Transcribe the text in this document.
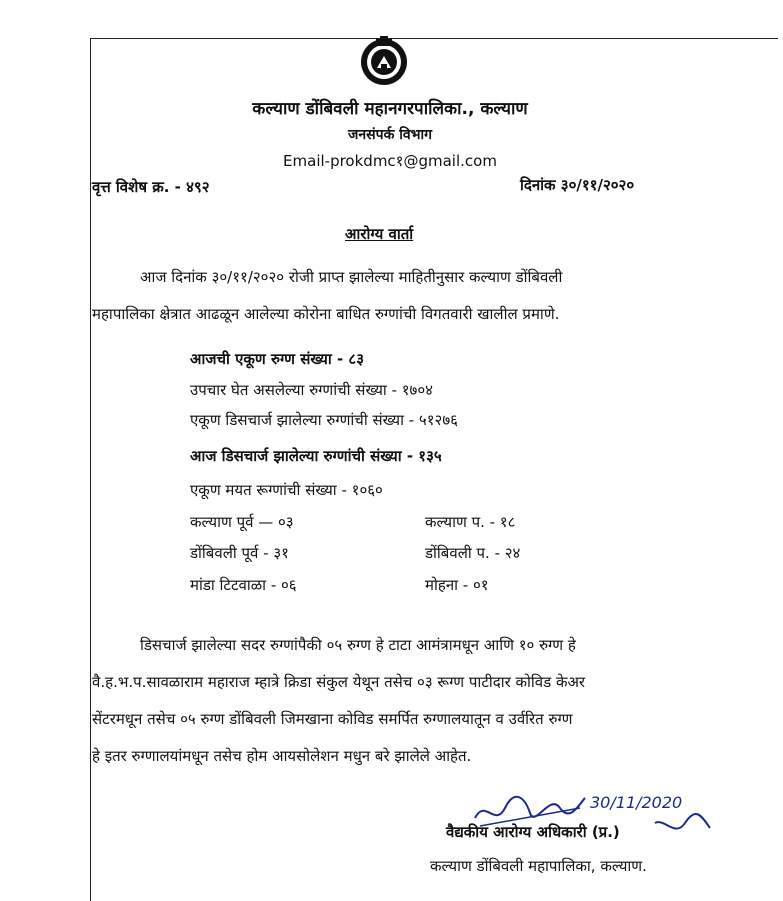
कल्याण डोंबिवली महानगरपालिका., कल्याण
जनसंपर्क विभाग
Email-prokdmc१@gmail.com
वृत्त विशेष क्र. - ४९२	दिनांक ३०/११/२०२०
आरोग्य वार्ता
आज दिनांक ३०/११/२०२० रोजी प्राप्त झालेल्या माहितीनुसार कल्याण डोंबिवली
महापालिका क्षेत्रात आढळून आलेल्या कोरोना बाधित रुग्णांची विगतवारी खालील प्रमाणे.
आजची एकूण रुग्ण संख्या - ८३
उपचार घेत असलेल्या रुग्णांची संख्या - १७०४
एकूण डिसचार्ज झालेल्या रुग्णांची संख्या - ५१२७६
आज डिसचार्ज झालेल्या रुग्णांची संख्या - १३५
एकूण मयत रूग्णांची संख्या - १०६०
कल्याण पूर्व — ०३	कल्याण प. - १८
डोंबिवली पूर्व - ३१	डोंबिवली प. - २४
मांडा टिटवाळा - ०६	मोहना - ०१
डिसचार्ज झालेल्या सदर रुग्णांपैकी ०५ रुग्ण हे टाटा आमंत्रामधून आणि १० रुग्ण हे
वै.ह.भ.प.सावळाराम महाराज म्हात्रे क्रिडा संकुल येथून तसेच ०३ रूग्ण पाटीदार कोविड केअर
सेंटरमधून तसेच ०५ रुग्ण डोंबिवली जिमखाना कोविड समर्पित रुग्णालयातून व उर्वरित रुग्ण
हे इतर रुग्णालयांमधून तसेच होम आयसोलेशन मधुन बरे झालेले आहेत.
30/11/2020
वैद्यकीय आरोग्य अधिकारी (प्र.)
कल्याण डोंबिवली महापालिका, कल्याण.
